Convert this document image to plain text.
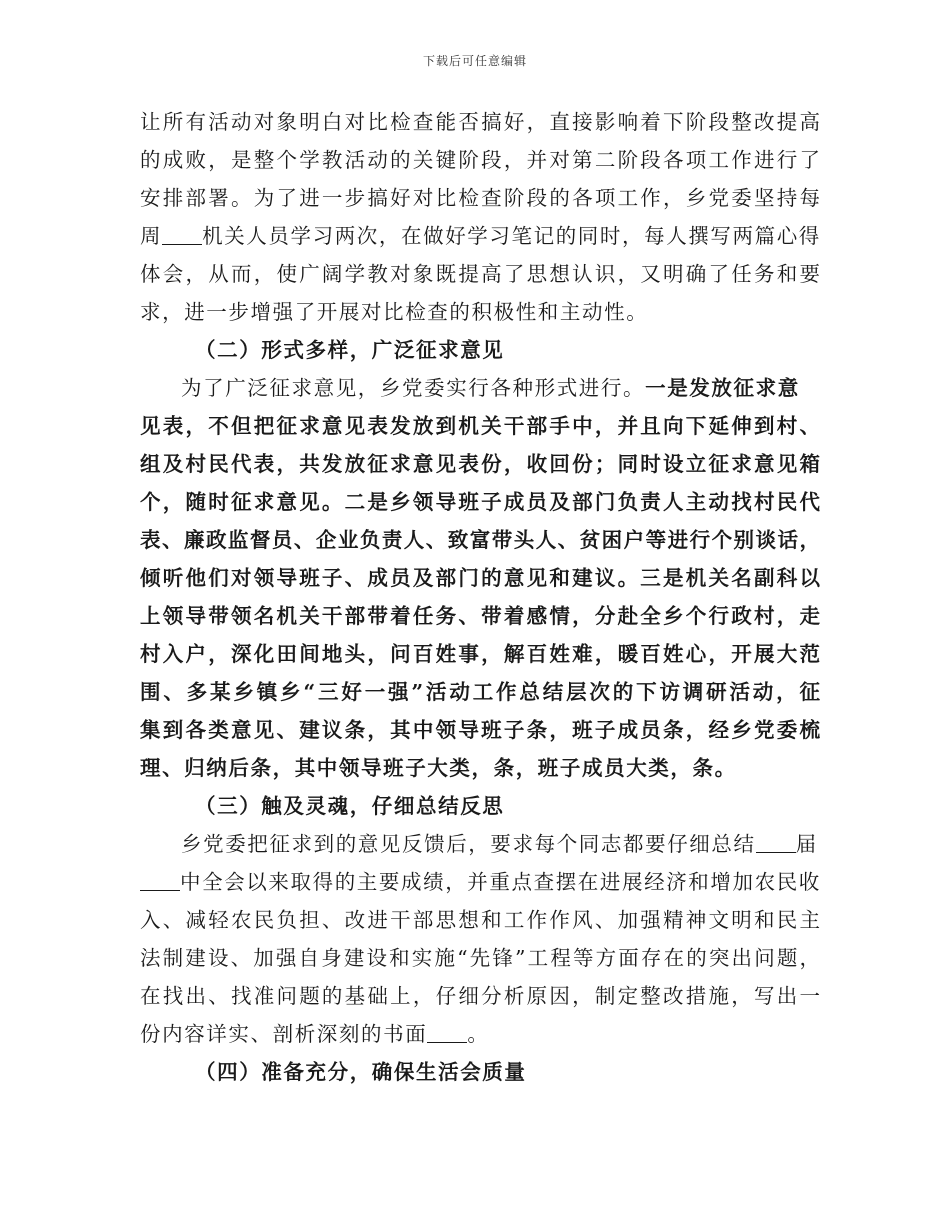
下载后可任意编辑
让所有活动对象明白对比检查能否搞好，直接影响着下阶段整改提高
的成败，是整个学教活动的关键阶段，并对第二阶段各项工作进行了
安排部署。为了进一步搞好对比检查阶段的各项工作，乡党委坚持每
周 机关人员学习两次，在做好学习笔记的同时，每人撰写两篇心得
体会，从而，使广阔学教对象既提高了思想认识，又明确了任务和要
求，进一步增强了开展对比检查的积极性和主动性。
（二）形式多样，广泛征求意见
为了广泛征求意见，乡党委实行各种形式进行。一是发放征求意
见表，不但把征求意见表发放到机关干部手中，并且向下延伸到村、
组及村民代表，共发放征求意见表份，收回份；同时设立征求意见箱
个，随时征求意见。二是乡领导班子成员及部门负责人主动找村民代
表、廉政监督员、企业负责人、致富带头人、贫困户等进行个别谈话，
倾听他们对领导班子、成员及部门的意见和建议。三是机关名副科以
上领导带领名机关干部带着任务、带着感情，分赴全乡个行政村，走
村入户，深化田间地头，问百姓事，解百姓难，暖百姓心，开展大范
围、多某乡镇乡“三好一强”活动工作总结层次的下访调研活动，征
集到各类意见、建议条，其中领导班子条，班子成员条，经乡党委梳
理、归纳后条，其中领导班子大类，条，班子成员大类，条。
（三）触及灵魂，仔细总结反思
乡党委把征求到的意见反馈后，要求每个同志都要仔细总结 届
中全会以来取得的主要成绩，并重点查摆在进展经济和增加农民收
入、减轻农民负担、改进干部思想和工作作风、加强精神文明和民主
法制建设、加强自身建设和实施“先锋”工程等方面存在的突出问题，
在找出、找准问题的基础上，仔细分析原因，制定整改措施，写出一
份内容详实、剖析深刻的书面 。
（四）准备充分，确保生活会质量
